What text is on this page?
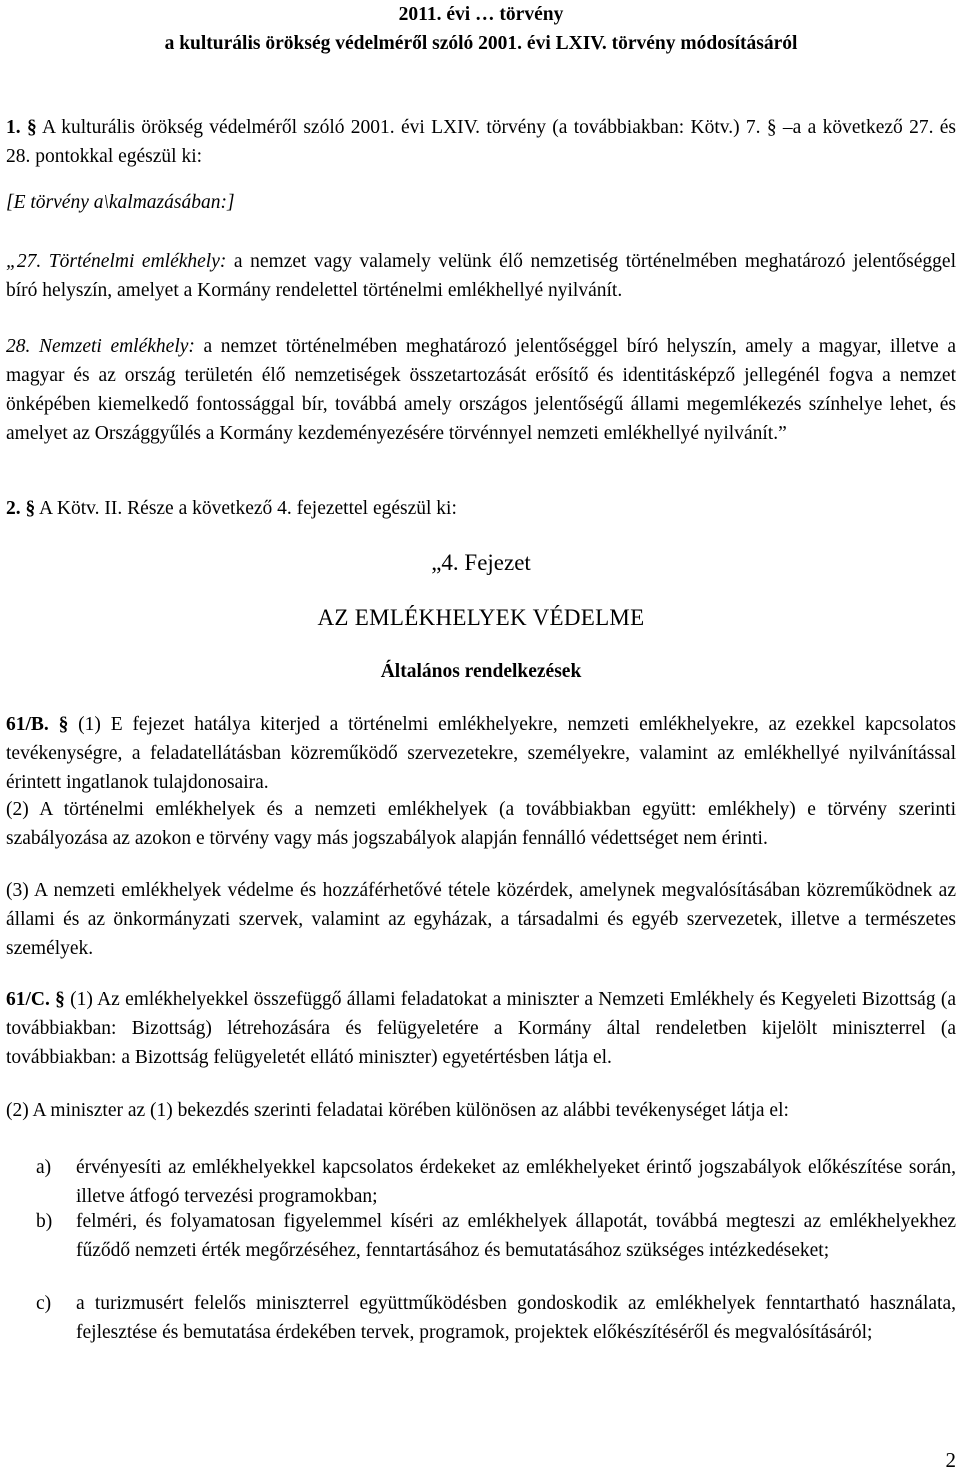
2011. évi … törvény
a kulturális örökség védelméről szóló 2001. évi LXIV. törvény módosításáról

1. § A kulturális örökség védelméről szóló 2001. évi LXIV. törvény (a továbbiakban: Kötv.) 7. § –a a következő 27. és 28. pontokkal egészül ki:

[E törvény a\kalmazásában:]

„27. Történelmi emlékhely: a nemzet vagy valamely velünk élő nemzetiség történelmében meghatározó jelentőséggel bíró helyszín, amelyet a Kormány rendelettel történelmi emlékhellyé nyilvánít.

28. Nemzeti emlékhely: a nemzet történelmében meghatározó jelentőséggel bíró helyszín, amely a magyar, illetve a magyar és az ország területén élő nemzetiségek összetartozását erősítő és identitásképző jellegénél fogva a nemzet önképében kiemelkedő fontossággal bír, továbbá amely országos jelentőségű állami megemlékezés színhelye lehet, és amelyet az Országgyűlés a Kormány kezdeményezésére törvénnyel nemzeti emlékhellyé nyilvánít.”

2. § A Kötv. II. Része a következő 4. fejezettel egészül ki:

„4. Fejezet
AZ EMLÉKHELYEK VÉDELME
Általános rendelkezések

61/B. § (1) E fejezet hatálya kiterjed a történelmi emlékhelyekre, nemzeti emlékhelyekre, az ezekkel kapcsolatos tevékenységre, a feladatellátásban közreműködő szervezetekre, személyekre, valamint az emlékhellyé nyilvánítással érintett ingatlanok tulajdonosaira.

(2) A történelmi emlékhelyek és a nemzeti emlékhelyek (a továbbiakban együtt: emlékhely) e törvény szerinti szabályozása az azokon e törvény vagy más jogszabályok alapján fennálló védettséget nem érinti.

(3) A nemzeti emlékhelyek védelme és hozzáférhetővé tétele közérdek, amelynek megvalósításában közreműködnek az állami és az önkormányzati szervek, valamint az egyházak, a társadalmi és egyéb szervezetek, illetve a természetes személyek.

61/C. § (1) Az emlékhelyekkel összefüggő állami feladatokat a miniszter a Nemzeti Emlékhely és Kegyeleti Bizottság (a továbbiakban: Bizottság) létrehozására és felügyeletére a Kormány által rendeletben kijelölt miniszterrel (a továbbiakban: a Bizottság felügyeletét ellátó miniszter) egyetértésben látja el.

(2) A miniszter az (1) bekezdés szerinti feladatai körében különösen az alábbi tevékenységet látja el:

a) érvényesíti az emlékhelyekkel kapcsolatos érdekeket az emlékhelyeket érintő jogszabályok előkészítése során, illetve átfogó tervezési programokban;
b) felméri, és folyamatosan figyelemmel kíséri az emlékhelyek állapotát, továbbá megteszi az emlékhelyekhez fűződő nemzeti érték megőrzéséhez, fenntartásához és bemutatásához szükséges intézkedéseket;
c) a turizmusért felelős miniszterrel együttműködésben gondoskodik az emlékhelyek fenntartható használata, fejlesztése és bemutatása érdekében tervek, programok, projektek előkészítéséről és megvalósításáról;
2
